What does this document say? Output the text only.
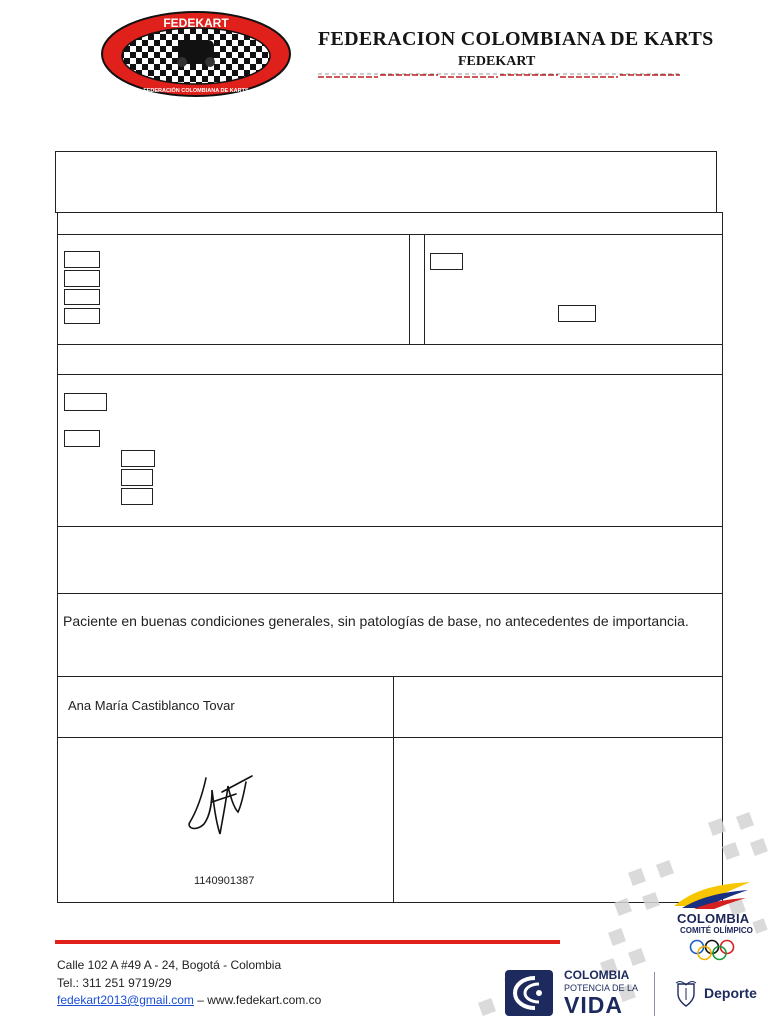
FEDEKART
FEDERACIÓN COLOMBIANA DE KARTS
FEDERACION COLOMBIANA DE KARTS
FEDEKART
Paciente en buenas condiciones generales, sin patologías de base, no antecedentes de importancia.
Ana María Castiblanco Tovar
1140901387
Calle 102 A #49 A - 24, Bogotá - Colombia
Tel.: 311 251 9719/29
fedekart2013@gmail.com – www.fedekart.com.co
COLOMBIA
COMITÉ OLÍMPICO
COLOMBIA
POTENCIA DE LA
VIDA	Deporte
